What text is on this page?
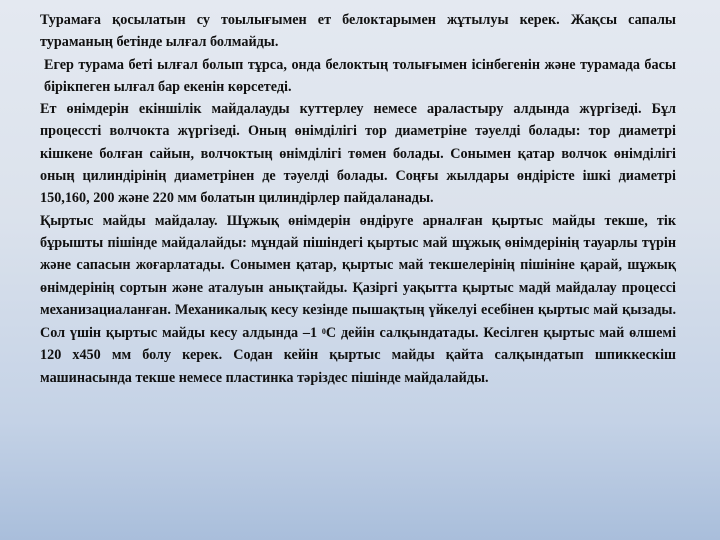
Турамаға қосылатын су тоылығымен ет белоктарымен жұтылуы керек. Жақсы сапалы тураманың бетінде ылғал болмайды.

Егер турама беті ылғал болып тұрса, онда белоктың толығымен ісінбегенін және турамада басы бірікпеген ылғал бар екенін көрсетеді.

Ет өнімдерін екіншілік майдалауды куттерлеу немесе араластыру алдында жүргізеді. Бұл процессті волчокта жүргізеді. Оның өнімділігі тор диаметріне тәуелді болады: тор диаметрі кішкене болған сайын, волчоктың өнімділігі төмен болады. Сонымен қатар волчок өнімділігі оның цилиндірінің диаметрінен де тәуелді болады. Соңғы жылдары өндірісте ішкі диаметрі 150,160, 200 және 220 мм болатын цилиндірлер пайдаланады.

Қыртыс майды майдалау. Шұжық өнімдерін өндіруге арналған қыртыс майды текше, тік бұрышты пішінде майдалайды: мұндай пішіндегі қыртыс май шұжық өнімдерінің тауарлы түрін және сапасын жоғарлатады. Сонымен қатар, қыртыс май текшелерінің пішініне қарай, шұжық өнімдерінің сортын және аталуын анықтайды. Қазіргі уақытта қыртыс мадй майдалау процессі механизациаланған. Механикалық кесу кезінде пышақтың үйкелуі есебінен қыртыс май қызады. Сол үшін қыртыс майды кесу алдында –1 $^0$С дейін салқындатады. Кесілген қыртыс май өлшемі 120 х450 мм болу керек. Содан кейін қыртыс майды қайта салқындатып шпиккескіш машинасында текше немесе пластинка тәріздес пішінде майдалайды.
